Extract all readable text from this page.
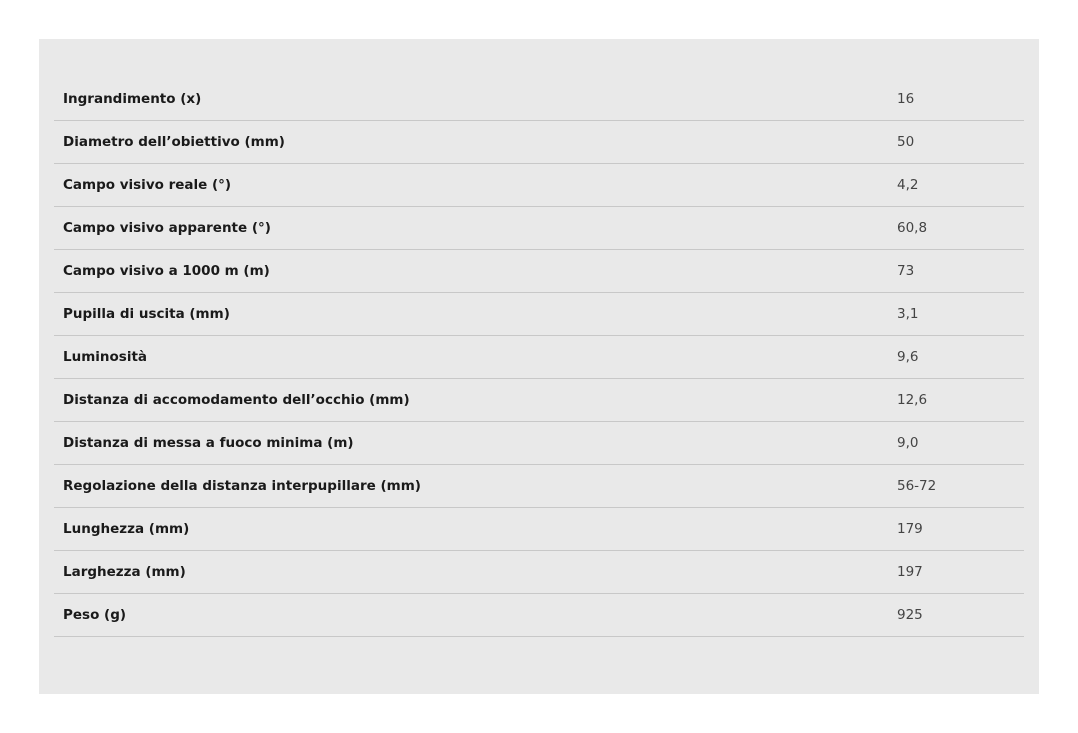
Ingrandimento (x)	16
Diametro dell’obiettivo (mm)	50
Campo visivo reale (°)	4,2
Campo visivo apparente (°)	60,8
Campo visivo a 1000 m (m)	73
Pupilla di uscita (mm)	3,1
Luminosità	9,6
Distanza di accomodamento dell’occhio (mm)	12,6
Distanza di messa a fuoco minima (m)	9,0
Regolazione della distanza interpupillare (mm)	56-72
Lunghezza (mm)	179
Larghezza (mm)	197
Peso (g)	925
